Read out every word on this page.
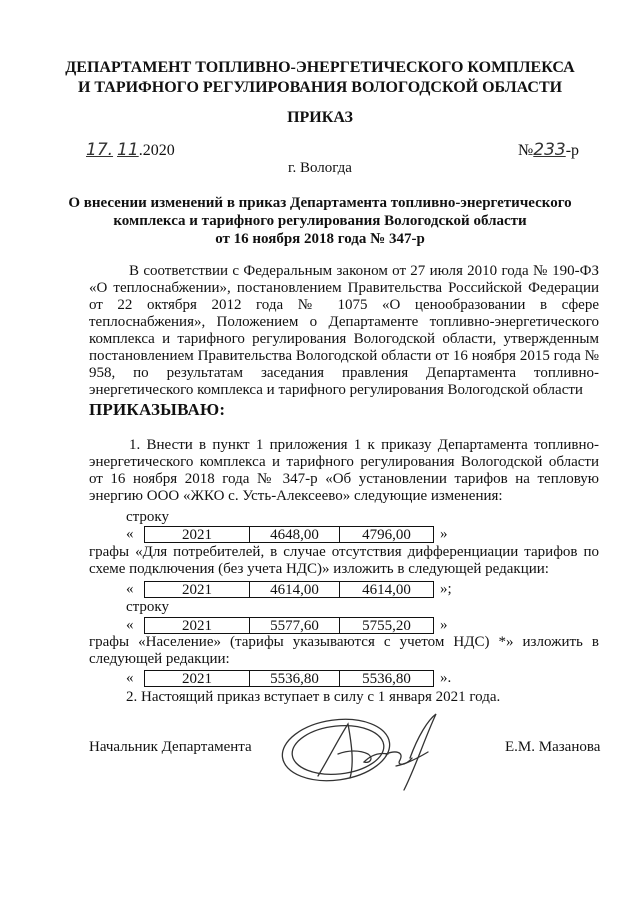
ДЕПАРТАМЕНТ ТОПЛИВНО-ЭНЕРГЕТИЧЕСКОГО КОМПЛЕКСА
И ТАРИФНОГО РЕГУЛИРОВАНИЯ ВОЛОГОДСКОЙ ОБЛАСТИ
ПРИКАЗ
17. 11.2020	№233-р
г. Вологда
О внесении изменений в приказ Департамента топливно-энергетического
комплекса и тарифного регулирования Вологодской области
от 16 ноября 2018 года № 347-р
В соответствии с Федеральным законом от 27 июля 2010 года № 190-ФЗ «О теплоснабжении», постановлением Правительства Российской Федерации от 22 октября 2012 года № 1075 «О ценообразовании в сфере теплоснабжения», Положением о Департаменте топливно-энергетического комплекса и тарифного регулирования Вологодской области, утвержденным постановлением Правительства Вологодской области от 16 ноября 2015 года № 958, по результатам заседания правления Департамента топливно-энергетического комплекса и тарифного регулирования Вологодской области
ПРИКАЗЫВАЮ:
1. Внести в пункт 1 приложения 1 к приказу Департамента топливно-энергетического комплекса и тарифного регулирования Вологодской области от 16 ноября 2018 года № 347-р «Об установлении тарифов на тепловую энергию ООО «ЖКО с. Усть-Алексеево» следующие изменения:
строку
«	2021	4648,00	4796,00	»
графы «Для потребителей, в случае отсутствия дифференциации тарифов по схеме подключения (без учета НДС)» изложить в следующей редакции:
«	2021	4614,00	4614,00	»;
строку
«	2021	5577,60	5755,20	»
графы «Население» (тарифы указываются с учетом НДС) *» изложить в следующей редакции:
«	2021	5536,80	5536,80	».
2. Настоящий приказ вступает в силу с 1 января 2021 года.
Начальник Департамента	Е.М. Мазанова
